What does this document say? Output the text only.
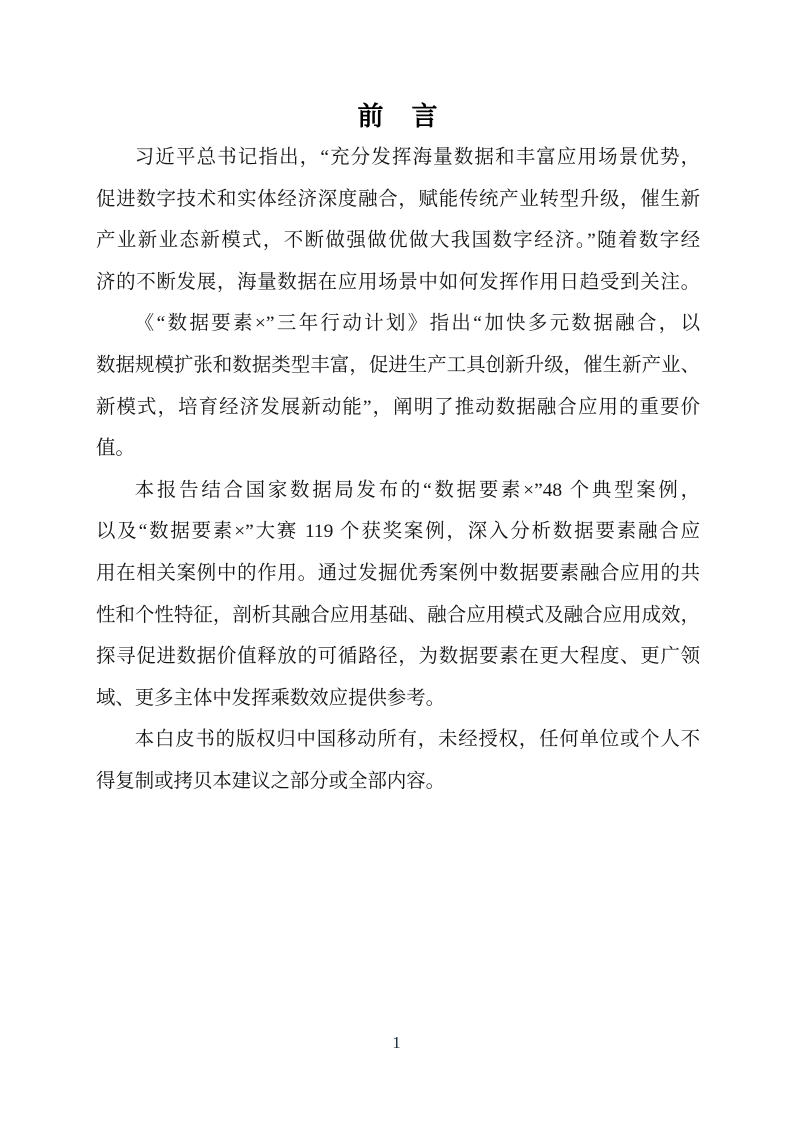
前　言
习近平总书记指出，“充分发挥海量数据和丰富应用场景优势，
促进数字技术和实体经济深度融合，赋能传统产业转型升级，催生新
产业新业态新模式，不断做强做优做大我国数字经济。”随着数字经
济的不断发展，海量数据在应用场景中如何发挥作用日趋受到关注。
《“数据要素×”三年行动计划》指出“加快多元数据融合，以
数据规模扩张和数据类型丰富，促进生产工具创新升级，催生新产业、
新模式，培育经济发展新动能”，阐明了推动数据融合应用的重要价
值。
本报告结合国家数据局发布的“数据要素×”48 个典型案例，
以及“数据要素×”大赛 119 个获奖案例，深入分析数据要素融合应
用在相关案例中的作用。通过发掘优秀案例中数据要素融合应用的共
性和个性特征，剖析其融合应用基础、融合应用模式及融合应用成效，
探寻促进数据价值释放的可循路径，为数据要素在更大程度、更广领
域、更多主体中发挥乘数效应提供参考。
本白皮书的版权归中国移动所有，未经授权，任何单位或个人不
得复制或拷贝本建议之部分或全部内容。
1
